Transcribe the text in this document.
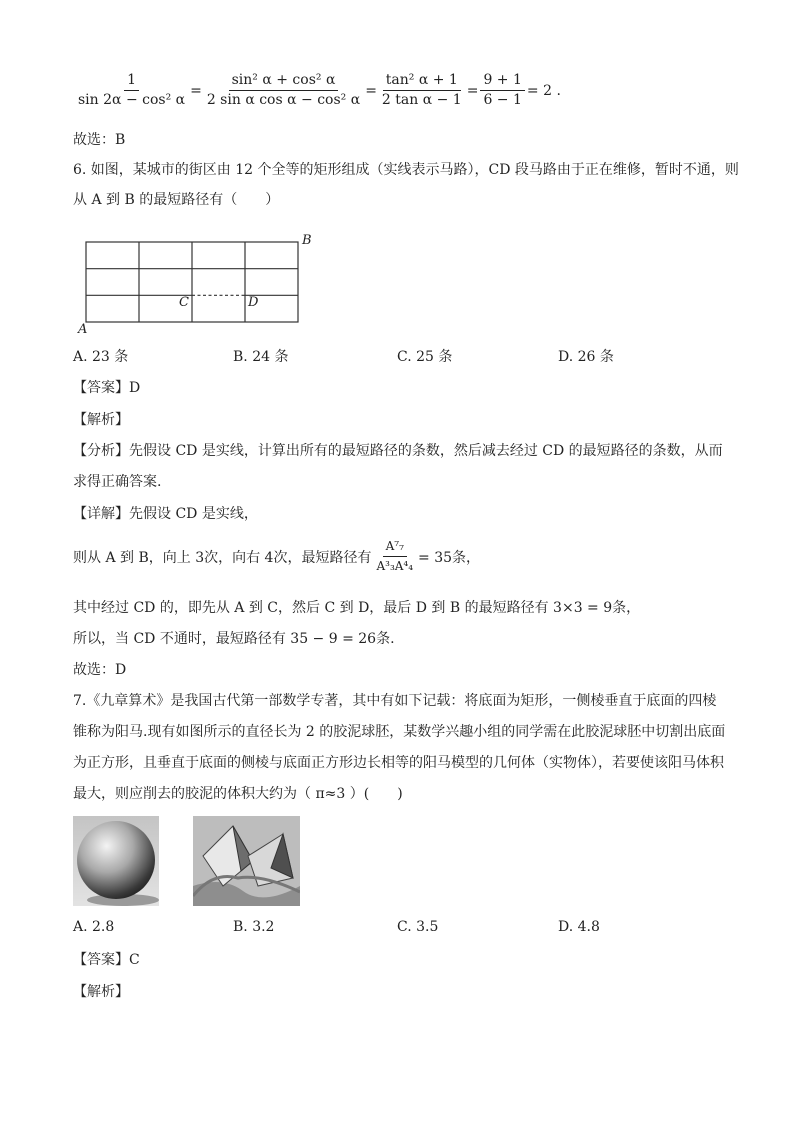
$\frac{1}{\text{sin 2α − cos² α}} = \frac{\text{sin² α + cos² α}}{\text{2 sin α cos α − cos² α}} = \frac{\text{tan² α + 1}}{\text{2 tan α − 1}} = \frac{9 + 1}{6 - 1} = 2$ .
故选：B
6. 如图，某城市的街区由 12 个全等的矩形组成（实线表示马路），CD 段马路由于正在维修，暂时不通，则
从 A 到 B 的最短路径有（　　）
B
C	D
A
A. 23 条	B. 24 条	C. 25 条	D. 26 条
【答案】D
【解析】
【分析】先假设 CD 是实线，计算出所有的最短路径的条数，然后减去经过 CD 的最短路径的条数，从而
求得正确答案.
【详解】先假设 CD 是实线，
则从 A 到 B，向上 3次，向右 4次，最短路径有 $\frac{\text{A⁷₇}}{\text{A³₃A⁴₄}} = 35$条，
其中经过 CD 的，即先从 A 到 C，然后 C 到 D，最后 D 到 B 的最短路径有 3×3 = 9条，
所以，当 CD 不通时，最短路径有 35 − 9 = 26条.
故选：D
7.《九章算术》是我国古代第一部数学专著，其中有如下记载：将底面为矩形，一侧棱垂直于底面的四棱
锥称为阳马.现有如图所示的直径长为 2 的胶泥球胚，某数学兴趣小组的同学需在此胶泥球胚中切割出底面
为正方形，且垂直于底面的侧棱与底面正方形边长相等的阳马模型的几何体（实物体），若要使该阳马体积
最大，则应削去的胶泥的体积大约为（ π≈3 ）(　　)
A. 2.8	B. 3.2	C. 3.5	D. 4.8
【答案】C
【解析】
